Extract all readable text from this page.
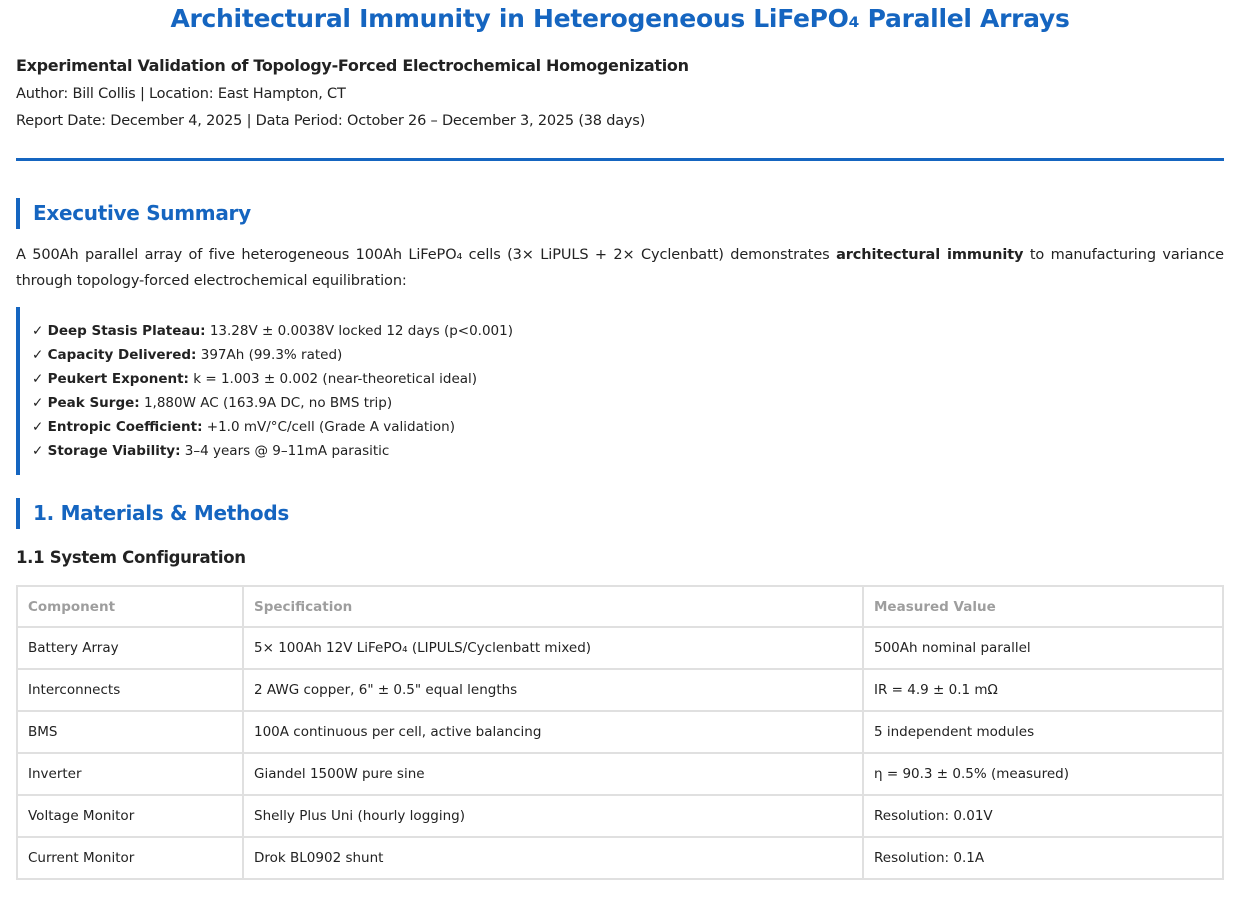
Architectural Immunity in Heterogeneous LiFePO₄ Parallel Arrays
Experimental Validation of Topology-Forced Electrochemical Homogenization
Author: Bill Collis | Location: East Hampton, CT
Report Date: December 4, 2025 | Data Period: October 26 – December 3, 2025 (38 days)
Executive Summary

A 500Ah parallel array of five heterogeneous 100Ah LiFePO₄ cells (3× LiPULS + 2× Cyclenbatt) demonstrates architectural immunity to manufacturing variance through topology-forced electrochemical equilibration:

✓ Deep Stasis Plateau: 13.28V ± 0.0038V locked 12 days (p<0.001)
✓ Capacity Delivered: 397Ah (99.3% rated)
✓ Peukert Exponent: k = 1.003 ± 0.002 (near-theoretical ideal)
✓ Peak Surge: 1,880W AC (163.9A DC, no BMS trip)
✓ Entropic Coefficient: +1.0 mV/°C/cell (Grade A validation)
✓ Storage Viability: 3–4 years @ 9–11mA parasitic
1. Materials & Methods
1.1 System Configuration
Component	Specification	Measured Value
Battery Array	5× 100Ah 12V LiFePO₄ (LIPULS/Cyclenbatt mixed)	500Ah nominal parallel
Interconnects	2 AWG copper, 6" ± 0.5" equal lengths	IR = 4.9 ± 0.1 mΩ
BMS	100A continuous per cell, active balancing	5 independent modules
Inverter	Giandel 1500W pure sine	η = 90.3 ± 0.5% (measured)
Voltage Monitor	Shelly Plus Uni (hourly logging)	Resolution: 0.01V
Current Monitor	Drok BL0902 shunt	Resolution: 0.1A
